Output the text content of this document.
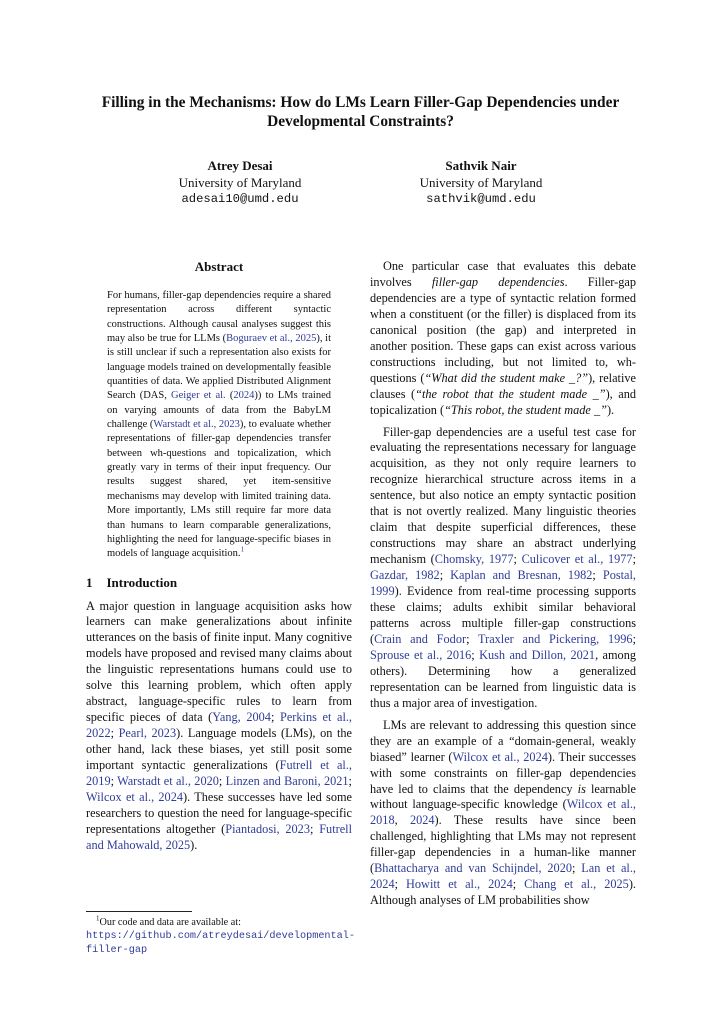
Filling in the Mechanisms: How do LMs Learn Filler-Gap Dependencies under Developmental Constraints?
Atrey Desai
University of Maryland
adesai10@umd.edu
Sathvik Nair
University of Maryland
sathvik@umd.edu
Abstract

For humans, filler-gap dependencies require a shared representation across different syntactic constructions. Although causal analyses suggest this may also be true for LLMs (Boguraev et al., 2025), it is still unclear if such a representation also exists for language models trained on developmentally feasible quantities of data. We applied Distributed Alignment Search (DAS, Geiger et al. (2024)) to LMs trained on varying amounts of data from the BabyLM challenge (Warstadt et al., 2023), to evaluate whether representations of filler-gap dependencies transfer between wh-questions and topicalization, which greatly vary in terms of their input frequency. Our results suggest shared, yet item-sensitive mechanisms may develop with limited training data. More importantly, LMs still require far more data than humans to learn comparable generalizations, highlighting the need for language-specific biases in models of language acquisition.$^1$

1 Introduction

A major question in language acquisition asks how learners can make generalizations about infinite utterances on the basis of finite input. Many cognitive models have proposed and revised many claims about the linguistic representations humans could use to solve this learning problem, which often apply abstract, language-specific rules to learn from specific pieces of data (Yang, 2004; Perkins et al., 2022; Pearl, 2023). Language models (LMs), on the other hand, lack these biases, yet still posit some important syntactic generalizations (Futrell et al., 2019; Warstadt et al., 2020; Linzen and Baroni, 2021; Wilcox et al., 2024). These successes have led some researchers to question the need for language-specific representations altogether (Piantadosi, 2023; Futrell and Mahowald, 2025).

One particular case that evaluates this debate involves filler-gap dependencies. Filler-gap dependencies are a type of syntactic relation formed when a constituent (or the filler) is displaced from its canonical position (the gap) and interpreted in another position. These gaps can exist across various constructions including, but not limited to, wh-questions (“What did the student make _?”), relative clauses (“the robot that the student made _”), and topicalization (“This robot, the student made _”).

Filler-gap dependencies are a useful test case for evaluating the representations necessary for language acquisition, as they not only require learners to recognize hierarchical structure across items in a sentence, but also notice an empty syntactic position that is not overtly realized. Many linguistic theories claim that despite superficial differences, these constructions may share an abstract underlying mechanism (Chomsky, 1977; Culicover et al., 1977; Gazdar, 1982; Kaplan and Bresnan, 1982; Postal, 1999). Evidence from real-time processing supports these claims; adults exhibit similar behavioral patterns across multiple filler-gap constructions (Crain and Fodor; Traxler and Pickering, 1996; Sprouse et al., 2016; Kush and Dillon, 2021, among others). Determining how a generalized representation can be learned from linguistic data is thus a major area of investigation.

LMs are relevant to addressing this question since they are an example of a “domain-general, weakly biased” learner (Wilcox et al., 2024). Their successes with some constraints on filler-gap dependencies have led to claims that the dependency is learnable without language-specific knowledge (Wilcox et al., 2018, 2024). These results have since been challenged, highlighting that LMs may not represent filler-gap dependencies in a human-like manner (Bhattacharya and van Schijndel, 2020; Lan et al., 2024; Howitt et al., 2024; Chang et al., 2025). Although analyses of LM probabilities show

$^1$Our code and data are available at: https://github.com/atreydesai/developmental-filler-gap
